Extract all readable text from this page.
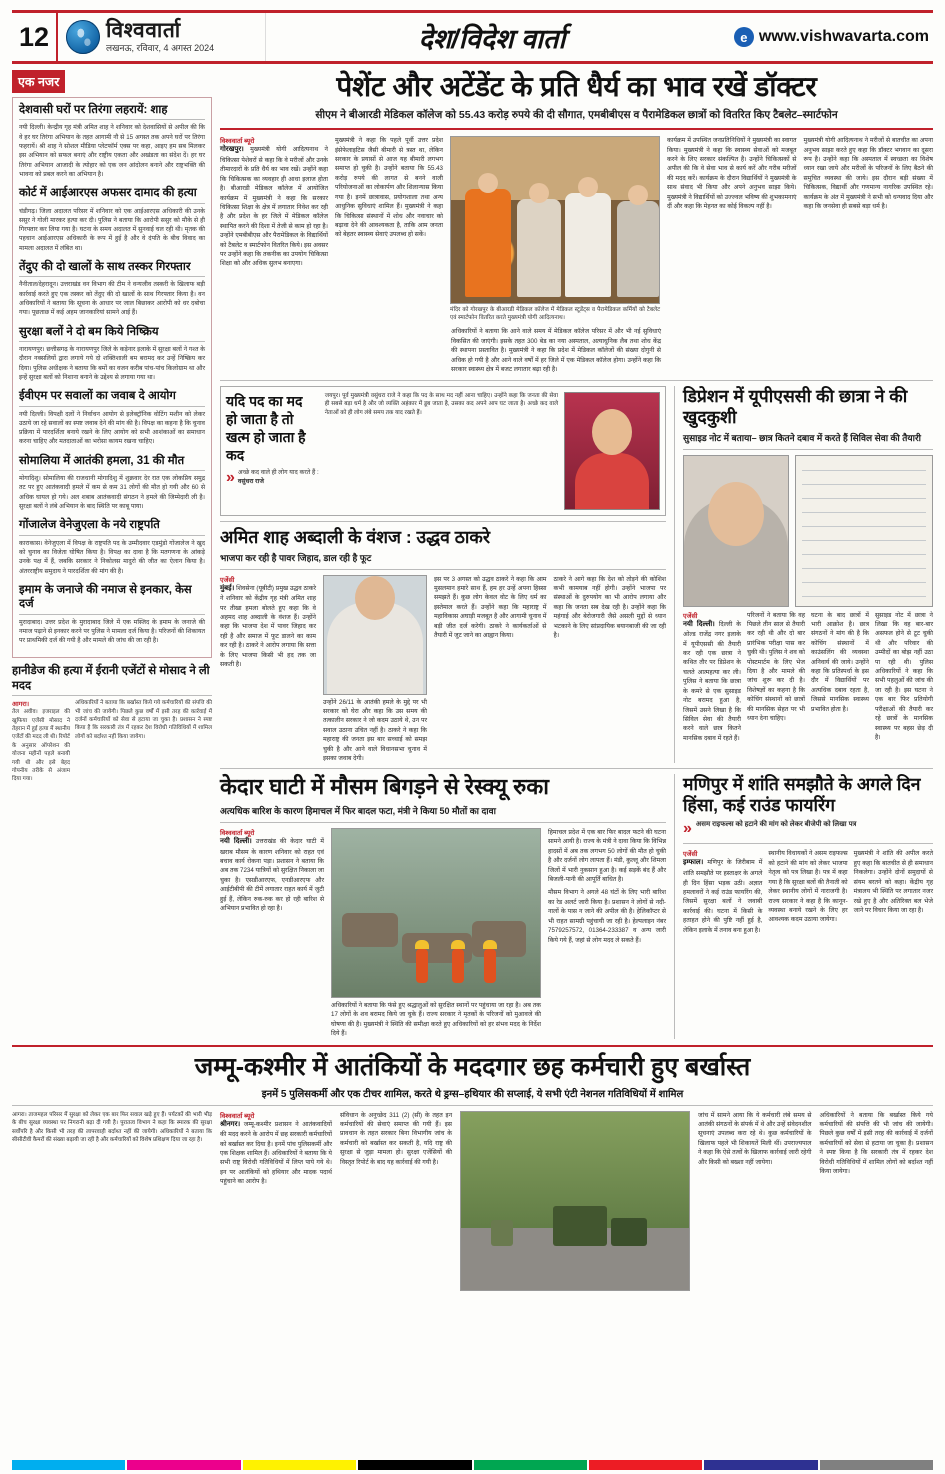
12	विश्ववार्ता
लखनऊ, रविवार, 4 अगस्त 2024	देश/विदेश वार्ता	e www.vishwavarta.com
एक नजर
देशवासी घरों पर तिरंगा लहरायें: शाह
नयी दिल्ली। केन्द्रीय गृह मंत्री अमित शाह ने शनिवार को देशवासियों से अपील की कि वे हर घर तिरंगा अभियान के तहत आगामी नौ से 15 अगस्त तक अपने घरों पर तिरंगा फहरायें। श्री शाह ने सोशल मीडिया प्लेटफॉर्म एक्स पर कहा, आइए हम सब मिलकर इस अभियान को सफल बनाएं और राष्ट्रीय एकता और अखंडता का संदेश दें। हर घर तिरंगा अभियान आजादी के त्योहार को एक जन आंदोलन बनाने और राष्ट्रभक्ति की भावना को प्रबल करने का अभियान है।
कोर्ट में आईआरएस अफसर दामाद की हत्या
चंडीगढ़। जिला अदालत परिसर में शनिवार को एक आईआरएस अधिकारी की उनके ससुर ने गोली मारकर हत्या कर दी। पुलिस ने बताया कि आरोपी ससुर को मौके से ही गिरफ्तार कर लिया गया है। घटना के समय अदालत में सुनवाई चल रही थी। मृतक की पहचान आईआरएस अधिकारी के रूप में हुई है और वे दंपति के बीच विवाद का मामला अदालत में लंबित था।
तेंदुए की दो खालों के साथ तस्कर गिरफ्तार
नैनीताल/देहरादून। उत्तराखंड वन विभाग की टीम ने वन्यजीव तस्करी के खिलाफ बड़ी कार्रवाई करते हुए एक तस्कर को तेंदुए की दो खालों के साथ गिरफ्तार किया है। वन अधिकारियों ने बताया कि सूचना के आधार पर जाल बिछाकर आरोपी को धर दबोचा गया। पूछताछ में कई अहम जानकारियां सामने आई हैं।
सुरक्षा बलों ने दो बम किये निष्क्रिय
नारायणपुर। छत्तीसगढ़ के नारायणपुर जिले के कड़ेनार इलाके में सुरक्षा बलों ने गश्त के दौरान नक्सलियों द्वारा लगाये गये दो शक्तिशाली बम बरामद कर उन्हें निष्क्रिय कर दिया। पुलिस अधीक्षक ने बताया कि बमों का वजन करीब पांच-पांच किलोग्राम था और इन्हें सुरक्षा बलों को निशाना बनाने के उद्देश्य से लगाया गया था।
ईवीएम पर सवालों का जवाब दे आयोग
नयी दिल्ली। विपक्षी दलों ने निर्वाचन आयोग से इलेक्ट्रॉनिक वोटिंग मशीन को लेकर उठाये जा रहे सवालों का स्पष्ट जवाब देने की मांग की है। विपक्ष का कहना है कि चुनाव प्रक्रिया में पारदर्शिता बनाये रखने के लिए आयोग को सभी आशंकाओं का समाधान करना चाहिए और मतदाताओं का भरोसा कायम रखना चाहिए।
सोमालिया में आतंकी हमला, 31 की मौत
मोगादिशु। सोमालिया की राजधानी मोगादिशु में शुक्रवार देर रात एक लोकप्रिय समुद्र तट पर हुए आतंकवादी हमले में कम से कम 31 लोगों की मौत हो गयी और 60 से अधिक घायल हो गये। अल शबाब आतंकवादी संगठन ने हमले की जिम्मेदारी ली है। सुरक्षा बलों ने लंबे अभियान के बाद स्थिति पर काबू पाया।
गोंजालेज वेनेजुएला के नये राष्ट्रपति
काराकास। वेनेजुएला में विपक्ष के राष्ट्रपति पद के उम्मीदवार एडमुंडो गोंजालेज ने खुद को चुनाव का विजेता घोषित किया है। विपक्ष का दावा है कि मतगणना के आंकड़े उनके पक्ष में हैं, जबकि सरकार ने निकोलस मादुरो की जीत का ऐलान किया है। अंतरराष्ट्रीय समुदाय ने पारदर्शिता की मांग की है।
इमाम के जनाजे की नमाज से इनकार, केस दर्ज
मुरादाबाद। उत्तर प्रदेश के मुरादाबाद जिले में एक मस्जिद के इमाम के जनाजे की नमाज पढ़ाने से इनकार करने पर पुलिस ने मामला दर्ज किया है। परिजनों की शिकायत पर प्राथमिकी दर्ज की गयी है और मामले की जांच की जा रही है।
हानीडेज की हत्या में ईरानी एजेंटों से मोसाद ने ली मदद
आगरा।
तेल अवीव। इजराइल की खुफिया एजेंसी मोसाद ने तेहरान में हुई हत्या में स्थानीय एजेंटों की मदद ली थी। रिपोर्ट के अनुसार ऑपरेशन की योजना महीनों पहले बनायी गयी थी और इसे बेहद गोपनीय तरीके से अंजाम दिया गया।
अधिकारियों ने बताया कि बर्खास्त किये गये कर्मचारियों की संपत्ति की भी जांच की जायेगी। पिछले कुछ वर्षों में इसी तरह की कार्रवाई में दर्जनों कर्मचारियों को सेवा से हटाया जा चुका है। प्रशासन ने स्पष्ट किया है कि सरकारी तंत्र में रहकर देश विरोधी गतिविधियों में शामिल लोगों को बर्दाश्त नहीं किया जायेगा।
पेशेंट और अटेंडेंट के प्रति धैर्य का भाव रखें डॉक्टर
सीएम ने बीआरडी मेडिकल कॉलेज को 55.43 करोड़ रुपये की दी सौगात, एमबीबीएस व पैरामेडिकल छात्रों को वितरित किए टैबलेट–स्मार्टफोन
विश्ववार्ता ब्यूरो
गोरखपुर। मुख्यमंत्री योगी आदित्यनाथ ने चिकित्सा पेशेवरों से कहा कि वे मरीजों और उनके तीमारदारों के प्रति धैर्य का भाव रखें। उन्होंने कहा कि चिकित्सक का व्यवहार ही आधा इलाज होता है। बीआरडी मेडिकल कॉलेज में आयोजित कार्यक्रम में मुख्यमंत्री ने कहा कि सरकार चिकित्सा शिक्षा के क्षेत्र में लगातार निवेश कर रही है और प्रदेश के हर जिले में मेडिकल कॉलेज स्थापित करने की दिशा में तेजी से काम हो रहा है। उन्होंने एमबीबीएस और पैरामेडिकल के विद्यार्थियों को टैबलेट व स्मार्टफोन वितरित किये। इस अवसर पर उन्होंने कहा कि तकनीक का उपयोग चिकित्सा शिक्षा को और अधिक सुलभ बनाएगा।
मुख्यमंत्री ने कहा कि पहले पूर्वी उत्तर प्रदेश इंसेफेलाइटिस जैसी बीमारी से त्रस्त था, लेकिन सरकार के प्रयासों से आज यह बीमारी लगभग समाप्त हो चुकी है। उन्होंने बताया कि 55.43 करोड़ रुपये की लागत से बनने वाली परियोजनाओं का लोकार्पण और शिलान्यास किया गया है। इनमें छात्रावास, प्रयोगशाला तथा अन्य आधुनिक सुविधाएं शामिल हैं। मुख्यमंत्री ने कहा कि चिकित्सा संस्थानों में शोध और नवाचार को बढ़ावा देने की आवश्यकता है, ताकि आम जनता को बेहतर स्वास्थ्य सेवाएं उपलब्ध हो सकें।
मंदिर को गोरखपुर के बीआरडी मेडिकल कॉलेज में मेडिकल स्टूडेंट्स व पैरामेडिकल कर्मियों को टैबलेट एवं स्मार्टफोन वितरित करते मुख्यमंत्री योगी आदित्यनाथ।
कार्यक्रम में उपस्थित जनप्रतिनिधियों ने मुख्यमंत्री का स्वागत किया। मुख्यमंत्री ने कहा कि स्वास्थ्य सेवाओं को मजबूत करने के लिए सरकार संकल्पित है। उन्होंने चिकित्सकों से अपील की कि वे सेवा भाव से कार्य करें और गरीब मरीजों की मदद करें। कार्यक्रम के दौरान विद्यार्थियों ने मुख्यमंत्री के साथ संवाद भी किया और अपने अनुभव साझा किये। मुख्यमंत्री ने विद्यार्थियों को उज्ज्वल भविष्य की शुभकामनाएं दीं और कहा कि मेहनत का कोई विकल्प नहीं है।
मुख्यमंत्री योगी आदित्यनाथ ने मरीजों से बातचीत का अपना अनुभव साझा करते हुए कहा कि डॉक्टर भगवान का दूसरा रूप है। उन्होंने कहा कि अस्पताल में स्वच्छता का विशेष ध्यान रखा जाये और मरीजों के परिजनों के लिए बैठने की समुचित व्यवस्था की जाये। इस दौरान बड़ी संख्या में चिकित्सक, विद्यार्थी और गणमान्य नागरिक उपस्थित रहे। कार्यक्रम के अंत में मुख्यमंत्री ने सभी को धन्यवाद दिया और कहा कि जनसेवा ही सबसे बड़ा धर्म है।
अधिकारियों ने बताया कि आने वाले समय में मेडिकल कॉलेज परिसर में और भी नई सुविधाएं विकसित की जाएंगी। इसके तहत 300 बेड का नया अस्पताल, अत्याधुनिक लैब तथा शोध केंद्र की स्थापना प्रस्तावित है। मुख्यमंत्री ने कहा कि प्रदेश में मेडिकल कॉलेजों की संख्या दोगुनी से अधिक हो गयी है और आने वाले वर्षों में हर जिले में एक मेडिकल कॉलेज होगा। उन्होंने कहा कि सरकार स्वास्थ्य क्षेत्र में बजट लगातार बढ़ा रही है।
यदि पद का मद हो जाता है तो खत्म हो जाता है कद
» अच्छे कद वाले ही लोग याद करते हैं :
वसुंधरा राजे
जयपुर। पूर्व मुख्यमंत्री वसुंधरा राजे ने कहा कि पद के साथ मद नहीं आना चाहिए। उन्होंने कहा कि जनता की सेवा ही सबसे बड़ा धर्म है और जो व्यक्ति अहंकार में डूब जाता है, उसका कद अपने आप घट जाता है। अच्छे कद वाले नेताओं को ही लोग लंबे समय तक याद रखते हैं।
अमित शाह अब्दाली के वंशज : उद्धव ठाकरे
भाजपा कर रही है पावर जिहाद, डाल रही है फूट
एजेंसी
मुंबई। शिवसेना (यूबीटी) प्रमुख उद्धव ठाकरे ने शनिवार को केंद्रीय गृह मंत्री अमित शाह पर तीखा हमला बोलते हुए कहा कि वे अहमद शाह अब्दाली के वंशज हैं। उन्होंने कहा कि भाजपा देश में पावर जिहाद कर रही है और समाज में फूट डालने का काम कर रही है। ठाकरे ने आरोप लगाया कि सत्ता के लिए भाजपा किसी भी हद तक जा सकती है।
उन्होंने 26/11 के आतंकी हमले के मुद्दे पर भी सरकार को घेरा और कहा कि उस समय की तत्कालीन सरकार ने जो कदम उठाये थे, उन पर सवाल उठाना उचित नहीं है। ठाकरे ने कहा कि महाराष्ट्र की जनता इस बार सच्चाई को समझ चुकी है और आने वाले विधानसभा चुनाव में इसका जवाब देगी।
इस पर 3 अगस्त को उद्धव ठाकरे ने कहा कि आम मुसलमान हमारे साथ हैं, हम हर उन्हें अपना हिस्सा समझते हैं। कुछ लोग केवल वोट के लिए धर्म का इस्तेमाल करते हैं। उन्होंने कहा कि महाराष्ट्र में महाविकास अघाड़ी मजबूत है और आगामी चुनाव में बड़ी जीत दर्ज करेगी। ठाकरे ने कार्यकर्ताओं से तैयारी में जुट जाने का आह्वान किया।
ठाकरे ने आगे कहा कि देश को तोड़ने की कोशिश कभी कामयाब नहीं होगी। उन्होंने भाजपा पर संस्थाओं के दुरुपयोग का भी आरोप लगाया और कहा कि जनता सब देख रही है। उन्होंने कहा कि महंगाई और बेरोजगारी जैसे असली मुद्दों से ध्यान भटकाने के लिए सांप्रदायिक बयानबाजी की जा रही है।
डिप्रेशन में यूपीएससी की छात्रा ने की खुदकुशी
सुसाइड नोट में बताया– छात्र कितने दबाव में करते हैं सिविल सेवा की तैयारी
एजेंसी
नयी दिल्ली। दिल्ली के ओल्ड राजेंद्र नगर इलाके में यूपीएससी की तैयारी कर रही एक छात्रा ने कथित तौर पर डिप्रेशन के चलते आत्महत्या कर ली। पुलिस ने बताया कि छात्रा के कमरे से एक सुसाइड नोट बरामद हुआ है, जिसमें उसने लिखा है कि सिविल सेवा की तैयारी करने वाले छात्र कितने मानसिक दबाव में रहते हैं।
परिजनों ने बताया कि वह पिछले तीन साल से तैयारी कर रही थी और दो बार प्रारंभिक परीक्षा पास कर चुकी थी। पुलिस ने शव को पोस्टमार्टम के लिए भेज दिया है और मामले की जांच शुरू कर दी है। विशेषज्ञों का कहना है कि कोचिंग संस्थानों को छात्रों की मानसिक सेहत पर भी ध्यान देना चाहिए।
घटना के बाद छात्रों में भारी आक्रोश है। छात्र संगठनों ने मांग की है कि कोचिंग संस्थानों में काउंसलिंग की व्यवस्था अनिवार्य की जाये। उन्होंने कहा कि प्रतिस्पर्धा के इस दौर में विद्यार्थियों पर अत्यधिक दबाव रहता है, जिससे मानसिक स्वास्थ्य प्रभावित होता है।
सुसाइड नोट में छात्रा ने लिखा कि वह बार-बार असफल होने से टूट चुकी थी और परिवार की उम्मीदों का बोझ नहीं उठा पा रही थी। पुलिस अधिकारियों ने कहा कि सभी पहलुओं की जांच की जा रही है। इस घटना ने एक बार फिर प्रतियोगी परीक्षाओं की तैयारी कर रहे छात्रों के मानसिक स्वास्थ्य पर बहस छेड़ दी है।
केदार घाटी में मौसम बिगड़ने से रेस्क्यू रुका
अत्यधिक बारिश के कारण हिमाचल में फिर बादल फटा, मंत्री ने किया 50 मौतों का दावा
विश्ववार्ता ब्यूरो
नयी दिल्ली। उत्तराखंड की केदार घाटी में खराब मौसम के कारण शनिवार को राहत एवं बचाव कार्य रोकना पड़ा। प्रशासन ने बताया कि अब तक 7234 यात्रियों को सुरक्षित निकाला जा चुका है। एसडीआरएफ, एनडीआरएफ और आईटीबीपी की टीमें लगातार राहत कार्य में जुटी हुई हैं, लेकिन रुक-रुक कर हो रही बारिश से अभियान प्रभावित हो रहा है।
अधिकारियों ने बताया कि फंसे हुए श्रद्धालुओं को सुरक्षित स्थानों पर पहुंचाया जा रहा है। अब तक 17 लोगों के शव बरामद किये जा चुके हैं। राज्य सरकार ने मृतकों के परिजनों को मुआवजे की घोषणा की है। मुख्यमंत्री ने स्थिति की समीक्षा करते हुए अधिकारियों को हर संभव मदद के निर्देश दिये हैं।
हिमाचल प्रदेश में एक बार फिर बादल फटने की घटना सामने आयी है। राज्य के मंत्री ने दावा किया कि विभिन्न हादसों में अब तक लगभग 50 लोगों की मौत हो चुकी है और दर्जनों लोग लापता हैं। मंडी, कुल्लू और शिमला जिलों में भारी नुकसान हुआ है। कई सड़कें बंद हैं और बिजली-पानी की आपूर्ति बाधित है।
मौसम विभाग ने अगले 48 घंटों के लिए भारी बारिश का रेड अलर्ट जारी किया है। प्रशासन ने लोगों से नदी-नालों के पास न जाने की अपील की है। हेलिकॉप्टर से भी राहत सामग्री पहुंचायी जा रही है। हेल्पलाइन नंबर 7579257572, 01364-233387 व अन्य जारी किये गये हैं, जहां से लोग मदद ले सकते हैं।
मणिपुर में शांति समझौते के अगले दिन हिंसा, कई राउंड फायरिंग
» असम राइफल्स को हटाने की मांग को लेकर बीजेपी को लिखा पत्र
एजेंसी
इम्फाल। मणिपुर के जिरीबाम में शांति समझौते पर हस्ताक्षर के अगले ही दिन हिंसा भड़क उठी। अज्ञात हमलावरों ने कई राउंड फायरिंग की, जिसमें सुरक्षा बलों ने जवाबी कार्रवाई की। घटना में किसी के हताहत होने की पुष्टि नहीं हुई है, लेकिन इलाके में तनाव बना हुआ है।
स्थानीय विधायकों ने असम राइफल्स को हटाने की मांग को लेकर भाजपा नेतृत्व को पत्र लिखा है। पत्र में कहा गया है कि सुरक्षा बलों की तैनाती को लेकर स्थानीय लोगों में नाराजगी है। राज्य सरकार ने कहा है कि कानून-व्यवस्था बनाये रखने के लिए हर आवश्यक कदम उठाया जायेगा।
मुख्यमंत्री ने शांति की अपील करते हुए कहा कि बातचीत से ही समाधान निकलेगा। उन्होंने दोनों समुदायों से संयम बरतने को कहा। केंद्रीय गृह मंत्रालय भी स्थिति पर लगातार नजर रखे हुए है और अतिरिक्त बल भेजे जाने पर विचार किया जा रहा है।
जम्मू-कश्मीर में आतंकियों के मददगार छह कर्मचारी हुए बर्खास्त
इनमें 5 पुलिसकर्मी और एक टीचर शामिल, करते थे ड्रग्स–हथियार की सप्लाई, ये सभी एंटी नेशनल गतिविधियों में शामिल
आगरा। ताजमहल परिसर में सुरक्षा को लेकर एक बार फिर सवाल खड़े हुए हैं। पर्यटकों की भारी भीड़ के बीच सुरक्षा व्यवस्था पर निगरानी बढ़ा दी गयी है। पुरातत्व विभाग ने कहा कि स्मारक की सुरक्षा सर्वोपरि है और किसी भी तरह की लापरवाही बर्दाश्त नहीं की जायेगी। अधिकारियों ने बताया कि सीसीटीवी कैमरों की संख्या बढ़ायी जा रही है और कर्मचारियों को विशेष प्रशिक्षण दिया जा रहा है।
विश्ववार्ता ब्यूरो
श्रीनगर। जम्मू-कश्मीर प्रशासन ने आतंकवादियों की मदद करने के आरोप में छह सरकारी कर्मचारियों को बर्खास्त कर दिया है। इनमें पांच पुलिसकर्मी और एक शिक्षक शामिल हैं। अधिकारियों ने बताया कि ये सभी राष्ट्र विरोधी गतिविधियों में लिप्त पाये गये थे। इन पर आतंकियों को हथियार और मादक पदार्थ पहुंचाने का आरोप है।
संविधान के अनुच्छेद 311 (2) (सी) के तहत इन कर्मचारियों की सेवाएं समाप्त की गयी हैं। इस प्रावधान के तहत सरकार बिना विभागीय जांच के कर्मचारी को बर्खास्त कर सकती है, यदि राष्ट्र की सुरक्षा से जुड़ा मामला हो। सुरक्षा एजेंसियों की विस्तृत रिपोर्ट के बाद यह कार्रवाई की गयी है।
जांच में सामने आया कि ये कर्मचारी लंबे समय से आतंकी संगठनों के संपर्क में थे और उन्हें संवेदनशील सूचनाएं उपलब्ध करा रहे थे। कुछ कर्मचारियों के खिलाफ पहले भी शिकायतें मिली थीं। उपराज्यपाल ने कहा कि ऐसे तत्वों के खिलाफ कार्रवाई जारी रहेगी और किसी को बख्शा नहीं जायेगा।
अधिकारियों ने बताया कि बर्खास्त किये गये कर्मचारियों की संपत्ति की भी जांच की जायेगी। पिछले कुछ वर्षों में इसी तरह की कार्रवाई में दर्जनों कर्मचारियों को सेवा से हटाया जा चुका है। प्रशासन ने स्पष्ट किया है कि सरकारी तंत्र में रहकर देश विरोधी गतिविधियों में शामिल लोगों को बर्दाश्त नहीं किया जायेगा।
